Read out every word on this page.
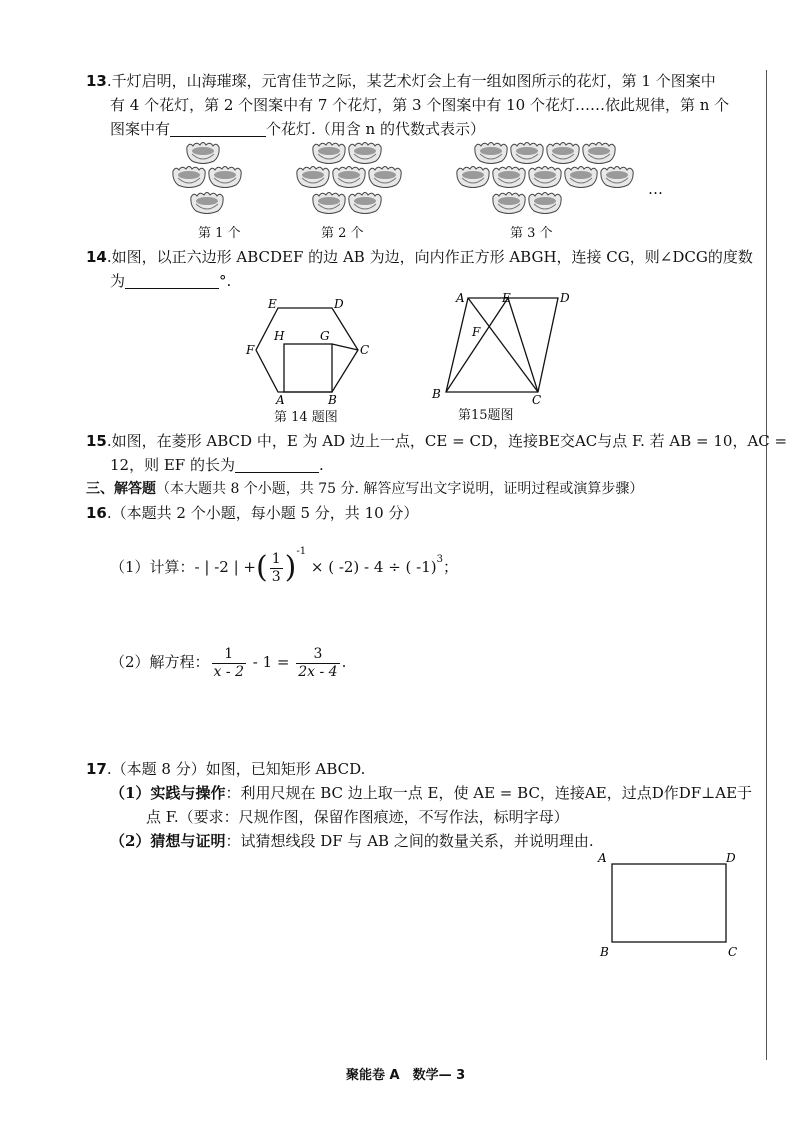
13.千灯启明，山海璀璨，元宵佳节之际，某艺术灯会上有一组如图所示的花灯，第 1 个图案中
有 4 个花灯，第 2 个图案中有 7 个花灯，第 3 个图案中有 10 个花灯……依此规律，第 n 个
图案中有	个花灯.（用含 n 的代数式表示）
第 1 个	第 2 个	第 3 个
…
14.如图，以正六边形 ABCDEF 的边 AB 为边，向内作正方形 ABGH，连接 CG，则∠DCG的度数
为	°.
E	D
F	C
H	G
A	B
第 14 题图
A	E	D
F
B	C
第15题图
15.如图，在菱形 ABCD 中，E 为 AD 边上一点，CE = CD，连接BE交AC与点 F. 若 AB = 10，AC =
12，则 EF 的长为	.
三、解答题（本大题共 8 个小题，共 75 分. 解答应写出文字说明，证明过程或演算步骤）
16.（本题共 2 个小题，每小题 5 分，共 10 分）
（1）计算：- | -2 | +( $\frac{1}{3} )^{-1}$ × ( -2) - 4 ÷ ( -1)$^3$；
（2）解方程： $\frac{1}{x - 2} - 1 = \frac{3}{2x - 4}$ .
17.（本题 8 分）如图，已知矩形 ABCD.
（1）实践与操作：利用尺规在 BC 边上取一点 E，使 AE = BC，连接AE，过点D作DF⊥AE于
点 F.（要求：尺规作图，保留作图痕迹，不写作法，标明字母）
（2）猜想与证明：试猜想线段 DF 与 AB 之间的数量关系，并说明理由.
A	D
B	C
聚能卷 A　数学— 3
